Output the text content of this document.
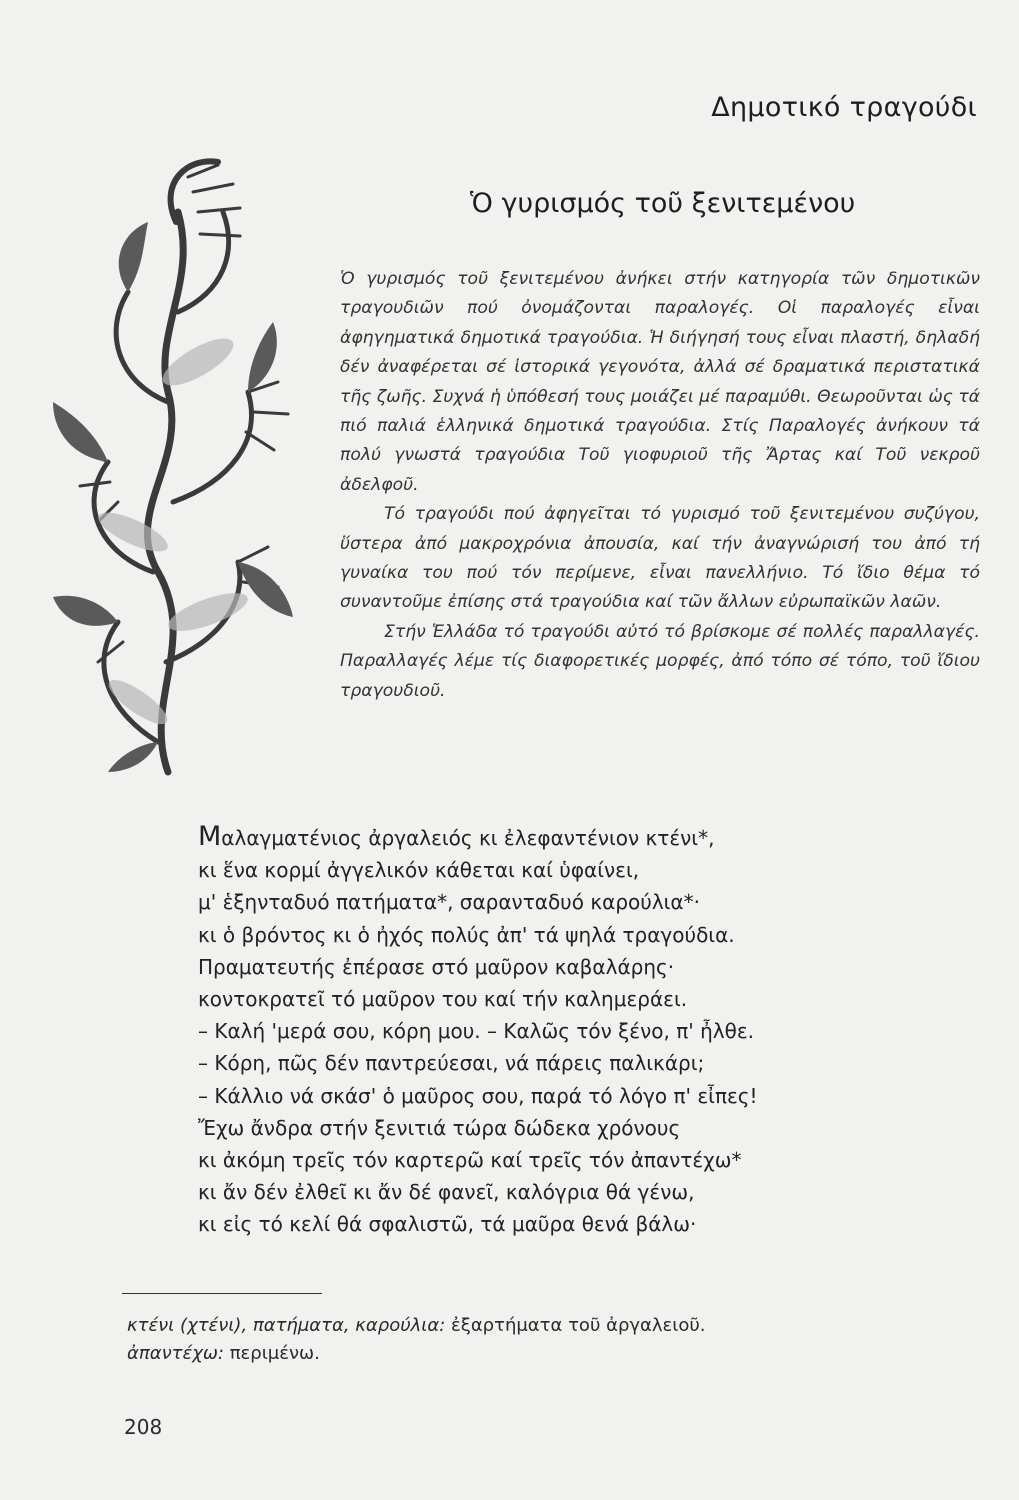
Δημοτικό τραγούδι
Ὁ γυρισμός τοῦ ξενιτεμένου

Ὁ γυρισμός τοῦ ξενιτεμένου ἀνήκει στήν κατηγορία τῶν δημοτικῶν τραγουδιῶν πού ὀνομάζονται παραλογές. Οἱ παραλογές εἶναι ἀφηγηματικά δημοτικά τραγούδια. Ἡ διήγησή τους εἶναι πλαστή, δηλαδή δέν ἀναφέρεται σέ ἱστορικά γεγονότα, ἀλλά σέ δραματικά περιστατικά τῆς ζωῆς. Συχνά ἡ ὑπόθεσή τους μοιάζει μέ παραμύθι. Θεωροῦνται ὡς τά πιό παλιά ἑλληνικά δημοτικά τραγούδια. Στίς Παραλογές ἀνήκουν τά πολύ γνωστά τραγούδια Τοῦ γιοφυριοῦ τῆς Ἄρτας καί Τοῦ νεκροῦ ἀδελφοῦ.

Τό τραγούδι πού ἀφηγεῖται τό γυρισμό τοῦ ξενιτεμένου συζύγου, ὕστερα ἀπό μακροχρόνια ἀπουσία, καί τήν ἀναγνώρισή του ἀπό τή γυναίκα του πού τόν περίμενε, εἶναι πανελλήνιο. Τό ἴδιο θέμα τό συναντοῦμε ἐπίσης στά τραγούδια καί τῶν ἄλλων εὐρωπαϊκῶν λαῶν.

Στήν Ἑλλάδα τό τραγούδι αὐτό τό βρίσκομε σέ πολλές παραλλαγές. Παραλλαγές λέμε τίς διαφορετικές μορφές, ἀπό τόπο σέ τόπο, τοῦ ἴδιου τραγουδιοῦ.

Μαλαγματένιος ἀργαλειός κι ἐλεφαντένιον κτένι*,
κι ἕνα κορμί ἀγγελικόν κάθεται καί ὑφαίνει,
μ' ἑξηνταδυό πατήματα*, σαρανταδυό καρούλια*·
κι ὁ βρόντος κι ὁ ἠχός πολύς ἀπ' τά ψηλά τραγούδια.
Πραματευτής ἐπέρασε στό μαῦρον καβαλάρης·
κοντοκρατεῖ τό μαῦρον του καί τήν καλημεράει.
– Καλή 'μερά σου, κόρη μου. – Καλῶς τόν ξένο, π' ἦλθε.
– Κόρη, πῶς δέν παντρεύεσαι, νά πάρεις παλικάρι;
– Κάλλιο νά σκάσ' ὁ μαῦρος σου, παρά τό λόγο π' εἶπες!
Ἔχω ἄνδρα στήν ξενιτιά τώρα δώδεκα χρόνους
κι ἀκόμη τρεῖς τόν καρτερῶ καί τρεῖς τόν ἀπαντέχω*
κι ἄν δέν ἐλθεῖ κι ἄν δέ φανεῖ, καλόγρια θά γένω,
κι εἰς τό κελί θά σφαλιστῶ, τά μαῦρα θενά βάλω·
κτένι (χτένι), πατήματα, καρούλια: ἐξαρτήματα τοῦ ἀργαλειοῦ.
ἀπαντέχω: περιμένω.
208
